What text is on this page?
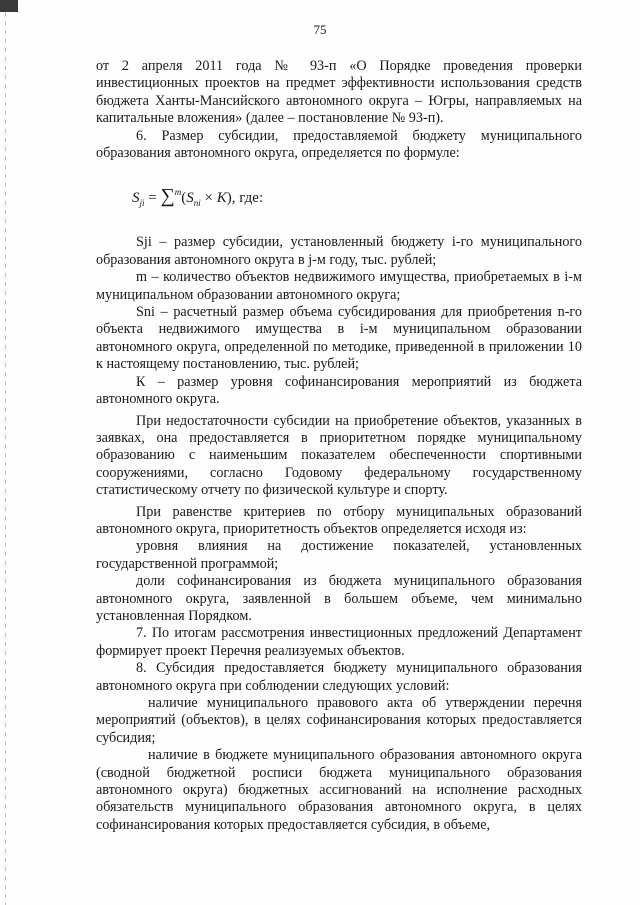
75

от 2 апреля 2011 года № 93-п «О Порядке проведения проверки инвестиционных проектов на предмет эффективности использования средств бюджета Ханты-Мансийского автономного округа – Югры, направляемых на капитальные вложения» (далее – постановление № 93-п).

6. Размер субсидии, предоставляемой бюджету муниципального образования автономного округа, определяется по формуле:

$S_{ji} = \sum^m(S_{ni} \times K)$, где:

Sji – размер субсидии, установленный бюджету i-го муниципального образования автономного округа в j-м году, тыс. рублей;

m – количество объектов недвижимого имущества, приобретаемых в i-м муниципальном образовании автономного округа;

Sni – расчетный размер объема субсидирования для приобретения n-го объекта недвижимого имущества в i-м муниципальном образовании автономного округа, определенной по методике, приведенной в приложении 10 к настоящему постановлению, тыс. рублей;

К – размер уровня софинансирования мероприятий из бюджета автономного округа.

При недостаточности субсидии на приобретение объектов, указанных в заявках, она предоставляется в приоритетном порядке муниципальному образованию с наименьшим показателем обеспеченности спортивными сооружениями, согласно Годовому федеральному государственному статистическому отчету по физической культуре и спорту.

При равенстве критериев по отбору муниципальных образований автономного округа, приоритетность объектов определяется исходя из:

уровня влияния на достижение показателей, установленных государственной программой;

доли софинансирования из бюджета муниципального образования автономного округа, заявленной в большем объеме, чем минимально установленная Порядком.

7. По итогам рассмотрения инвестиционных предложений Департамент формирует проект Перечня реализуемых объектов.

8. Субсидия предоставляется бюджету муниципального образования автономного округа при соблюдении следующих условий:

наличие муниципального правового акта об утверждении перечня мероприятий (объектов), в целях софинансирования которых предоставляется субсидия;

наличие в бюджете муниципального образования автономного округа (сводной бюджетной росписи бюджета муниципального образования автономного округа) бюджетных ассигнований на исполнение расходных обязательств муниципального образования автономного округа, в целях софинансирования которых предоставляется субсидия, в объеме,
